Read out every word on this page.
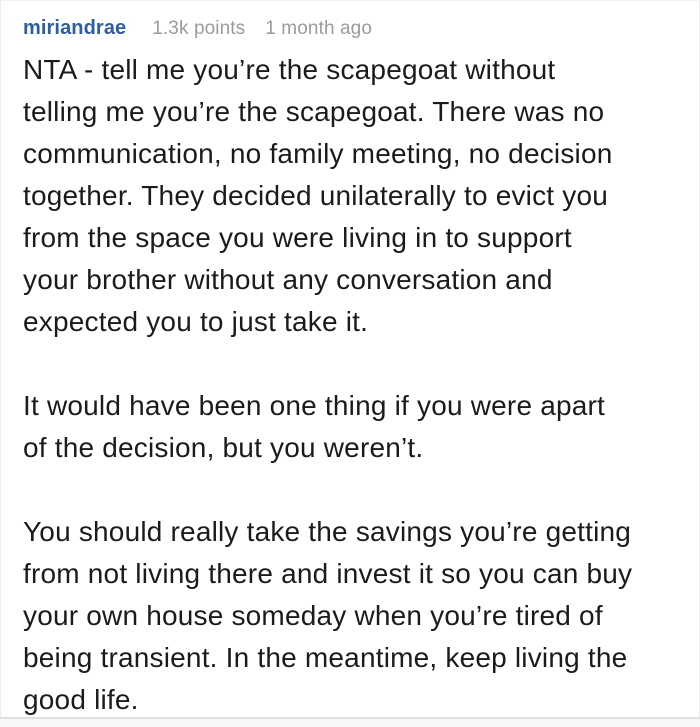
miriandrae 1.3k points 1 month ago
NTA - tell me you’re the scapegoat without
telling me you’re the scapegoat. There was no
communication, no family meeting, no decision
together. They decided unilaterally to evict you
from the space you were living in to support
your brother without any conversation and
expected you to just take it.
It would have been one thing if you were apart
of the decision, but you weren’t.
You should really take the savings you’re getting
from not living there and invest it so you can buy
your own house someday when you’re tired of
being transient. In the meantime, keep living the
good life.
